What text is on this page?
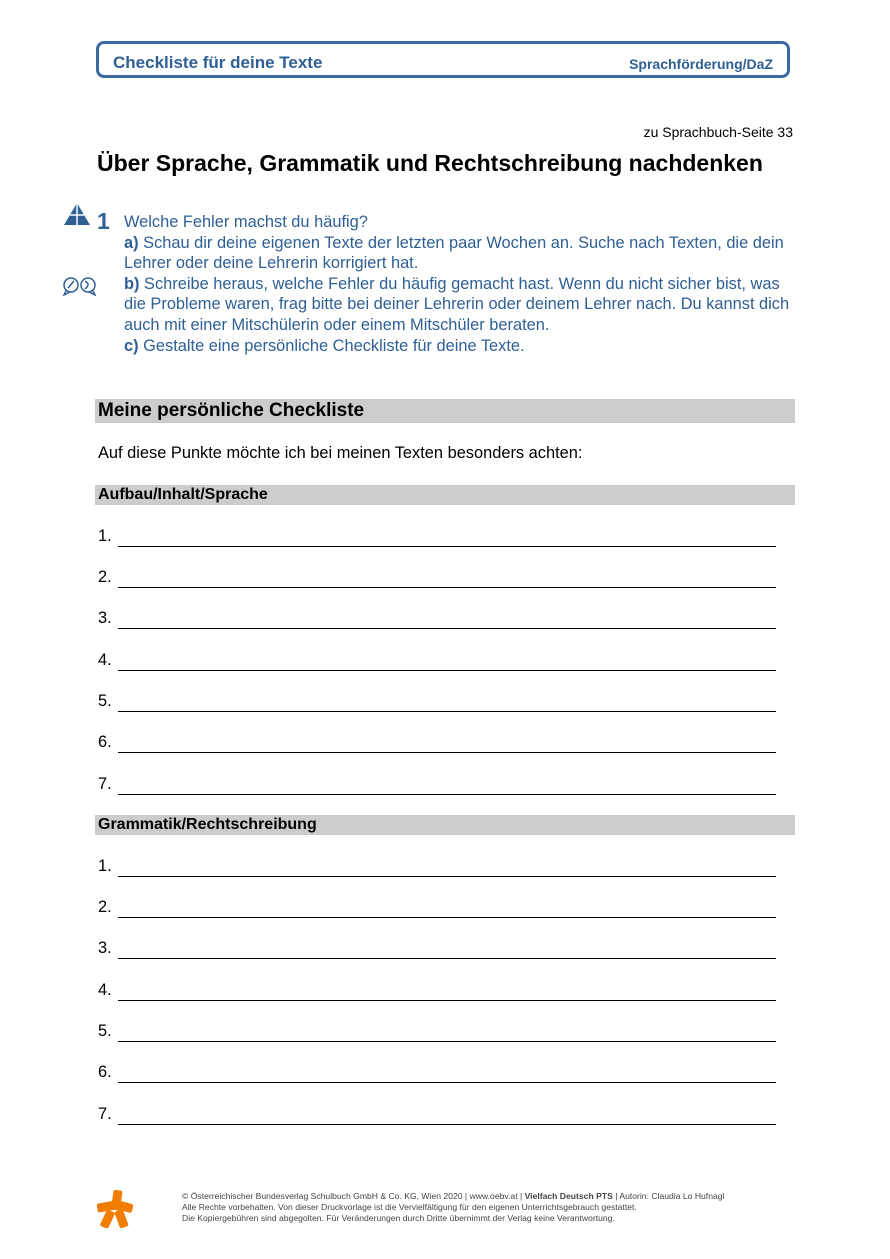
Checkliste für deine Texte	Sprachförderung/DaZ
zu Sprachbuch-Seite 33
Über Sprache, Grammatik und Rechtschreibung nachdenken
1 Welche Fehler machst du häufig?

a) Schau dir deine eigenen Texte der letzten paar Wochen an. Suche nach Texten, die dein Lehrer oder deine Lehrerin korrigiert hat.

b) Schreibe heraus, welche Fehler du häufig gemacht hast. Wenn du nicht sicher bist, was die Probleme waren, frag bitte bei deiner Lehrerin oder deinem Lehrer nach. Du kannst dich auch mit einer Mitschülerin oder einem Mitschüler beraten.

c) Gestalte eine persönliche Checkliste für deine Texte.

Meine persönliche Checkliste
Auf diese Punkte möchte ich bei meinen Texten besonders achten:
Aufbau/Inhalt/Sprache
1.
2.
3.
4.
5.
6.
7.
Grammatik/Rechtschreibung
1.
2.
3.
4.
5.
6.
7.
© Österreichischer Bundesverlag Schulbuch GmbH & Co. KG, Wien 2020 | www.oebv.at | Vielfach Deutsch PTS | Autorin: Claudia Lo Hufnagl
Alle Rechte vorbehalten. Von dieser Druckvorlage ist die Vervielfältigung für den eigenen Unterrichtsgebrauch gestattet.
Die Kopiergebühren sind abgegolten. Für Veränderungen durch Dritte übernimmt der Verlag keine Verantwortung.
